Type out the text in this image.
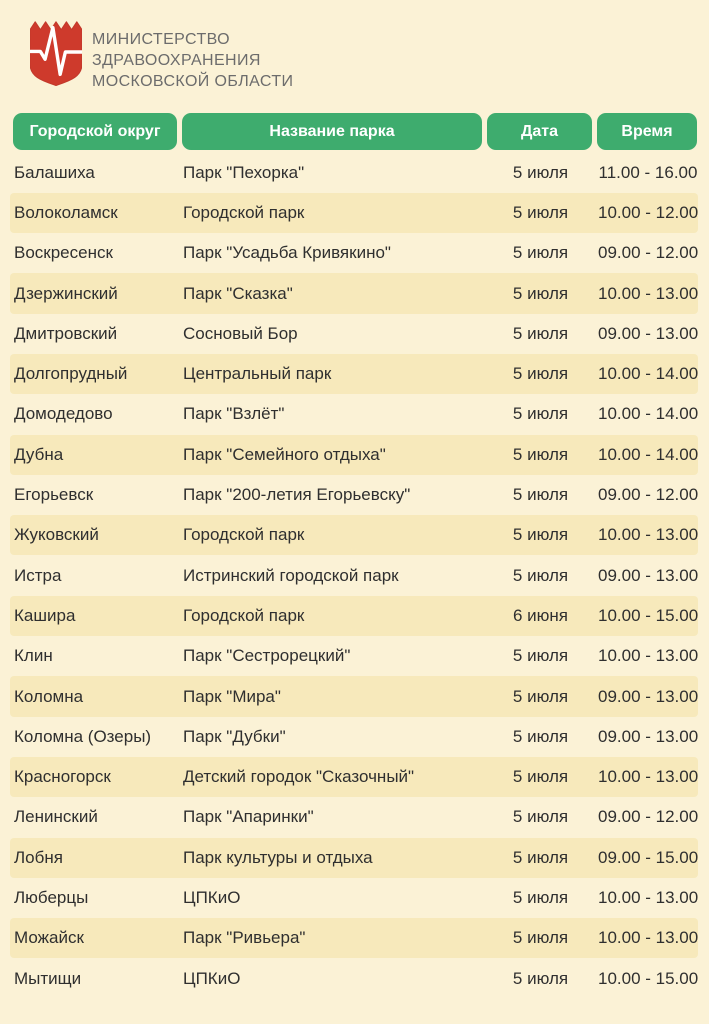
МИНИСТЕРСТВО
ЗДРАВООХРАНЕНИЯ
МОСКОВСКОЙ ОБЛАСТИ
Городской округ	Название парка	Дата	Время
Балашиха	Парк "Пехорка"	5 июля	11.00 - 16.00
Волоколамск	Городской парк	5 июля	10.00 - 12.00
Воскресенск	Парк "Усадьба Кривякино"	5 июля	09.00 - 12.00
Дзержинский	Парк "Сказка"	5 июля	10.00 - 13.00
Дмитровский	Сосновый Бор	5 июля	09.00 - 13.00
Долгопрудный	Центральный парк	5 июля	10.00 - 14.00
Домодедово	Парк "Взлёт"	5 июля	10.00 - 14.00
Дубна	Парк "Семейного отдыха"	5 июля	10.00 - 14.00
Егорьевск	Парк "200-летия Егорьевску"	5 июля	09.00 - 12.00
Жуковский	Городской парк	5 июля	10.00 - 13.00
Истра	Истринский городской парк	5 июля	09.00 - 13.00
Кашира	Городской парк	6 июня	10.00 - 15.00
Клин	Парк "Сестрорецкий"	5 июля	10.00 - 13.00
Коломна	Парк "Мира"	5 июля	09.00 - 13.00
Коломна (Озеры)	Парк "Дубки"	5 июля	09.00 - 13.00
Красногорск	Детский городок "Сказочный"	5 июля	10.00 - 13.00
Ленинский	Парк "Апаринки"	5 июля	09.00 - 12.00
Лобня	Парк культуры и отдыха	5 июля	09.00 - 15.00
Люберцы	ЦПКиО	5 июля	10.00 - 13.00
Можайск	Парк "Ривьера"	5 июля	10.00 - 13.00
Мытищи	ЦПКиО	5 июля	10.00 - 15.00
